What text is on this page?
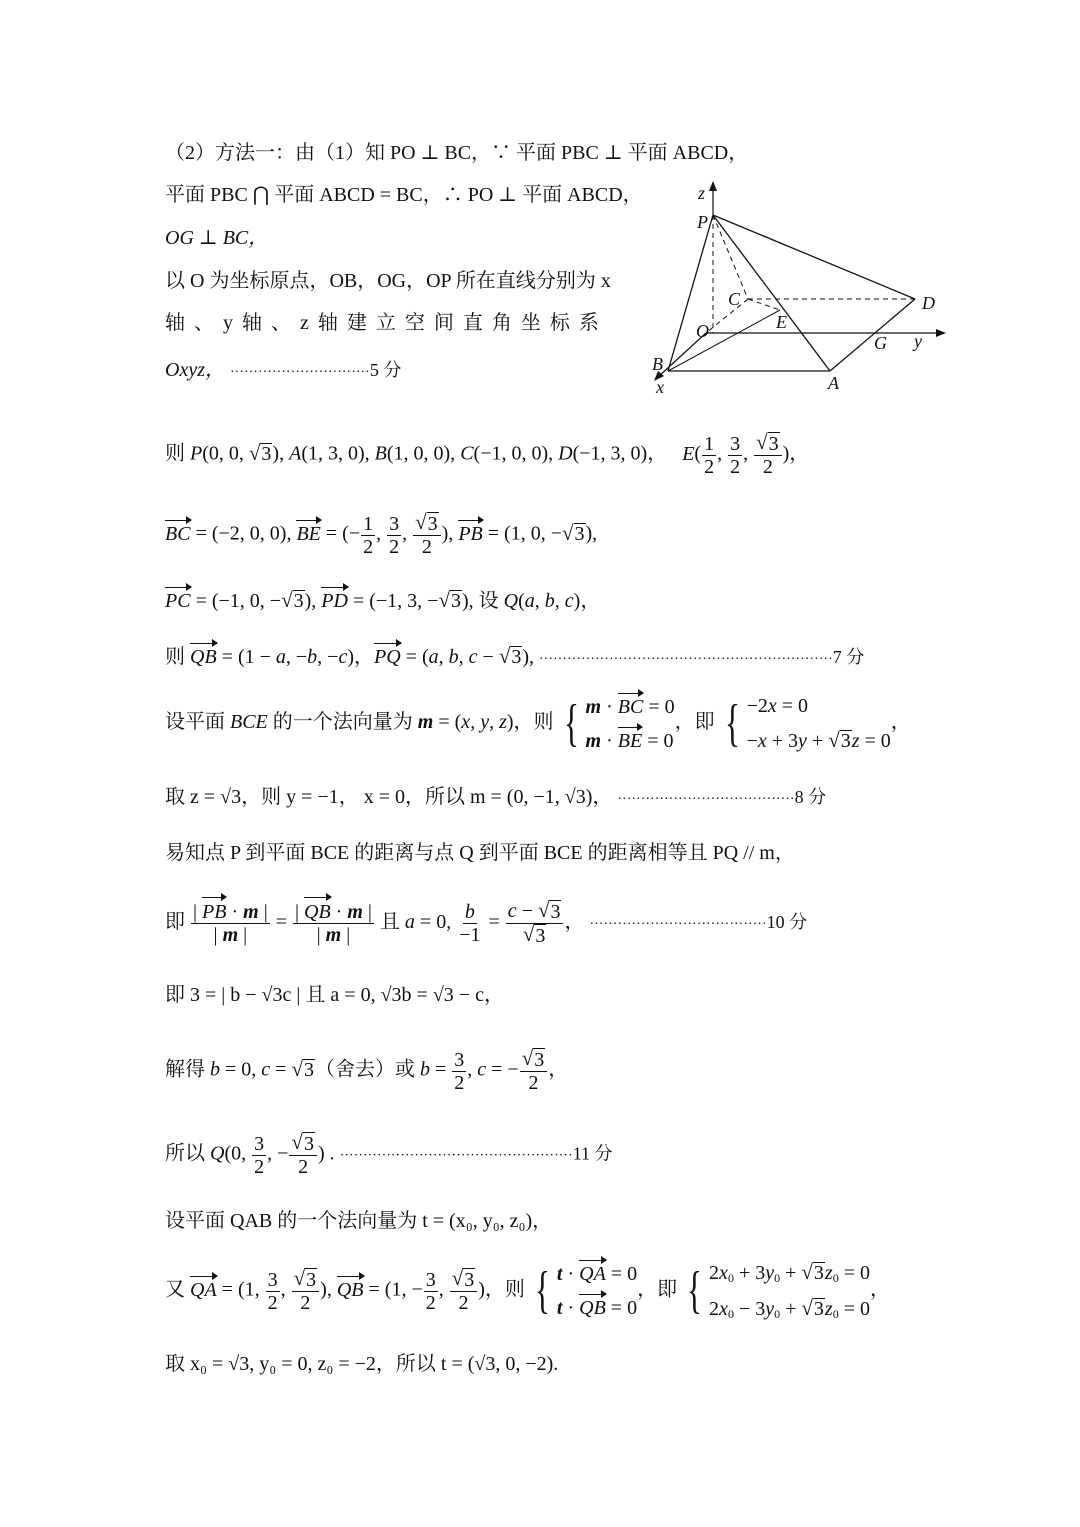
（2）方法一：由（1）知 PO ⊥ BC，∵ 平面 PBC ⊥ 平面 ABCD，
平面 PBC ⋂ 平面 ABCD = BC，∴ PO ⊥ 平面 ABCD，
OG ⊥ BC，
以 O 为坐标原点，OB，OG，OP 所在直线分别为 x
轴 、 y 轴 、 z 轴 建 立 空 间 直 角 坐 标 系
Oxyz， ······························5 分
z
P
C	D
E
O
G y
B
A
x
则 P(0, 0, √ 3 ), A(1, 3, 0), B(1, 0, 0), C(−1, 0, 0), D(−1, 3, 0)， $E( \frac{1}{2}$ , $\frac{3}{2}$ , $\frac{√ 3}{2}$ )，
BC = (−2, 0, 0), BE = (− $\frac{1}{2}$ , $\frac{3}{2}$ , $\frac{√ 3}{2}$ ), PB = (1, 0, − √ 3 ),
PC = (−1, 0, − √ 3 ), PD = (−1, 3, − √ 3 ), 设 Q(a, b, c)，
则 QB = (1 − a, −b, −c)，PQ = (a, b, c − √ 3 ), ·······························································7 分
设平面 BCE 的一个法向量为 m = (x, y, z)，则 { m · BC = 0
m · BE = 0
，即 { −2x = 0
−x + 3y + √ 3 z = 0
，
取 z = √3，则 y = −1， x = 0，所以 m = (0, −1, √3)， ······································8 分
易知点 P 到平面 BCE 的距离与点 Q 到平面 BCE 的距离相等且 PQ // m，
即 $\frac{| PB \cdot m |}{| m |} = \frac{| QB \cdot m |}{| m |}$ 且 a = 0, $\frac{b}{-1} = \frac{c - √ 3}{√ 3}$ ， ······································10 分
即 3 = | b − √3c | 且 a = 0, √3b = √3 − c，
解得 b = 0, c = √ 3 （舍去）或 $b = \frac{3}{2}$ , c = − $\frac{√ 3}{2}$ ，
所以 Q(0, $\frac{3}{2}$ , − $\frac{√ 3}{2}$ ) . ··················································11 分
设平面 QAB 的一个法向量为 t = (x₀, y₀, z₀)，
又 QA = (1, $\frac{3}{2}$ , $\frac{√ 3}{2}$ ), QB = (1, − $\frac{3}{2}$ , $\frac{√ 3}{2}$ )，则 { t · QA = 0
t · QB = 0
，即 { $2x_0 + 3y_0$ + √ 3 $z_0 = 0$
$2x_0 - 3y_0$ + √ 3 $z_0 = 0$
，
取 x₀ = √3, y₀ = 0, z₀ = −2，所以 t = (√3, 0, −2).
